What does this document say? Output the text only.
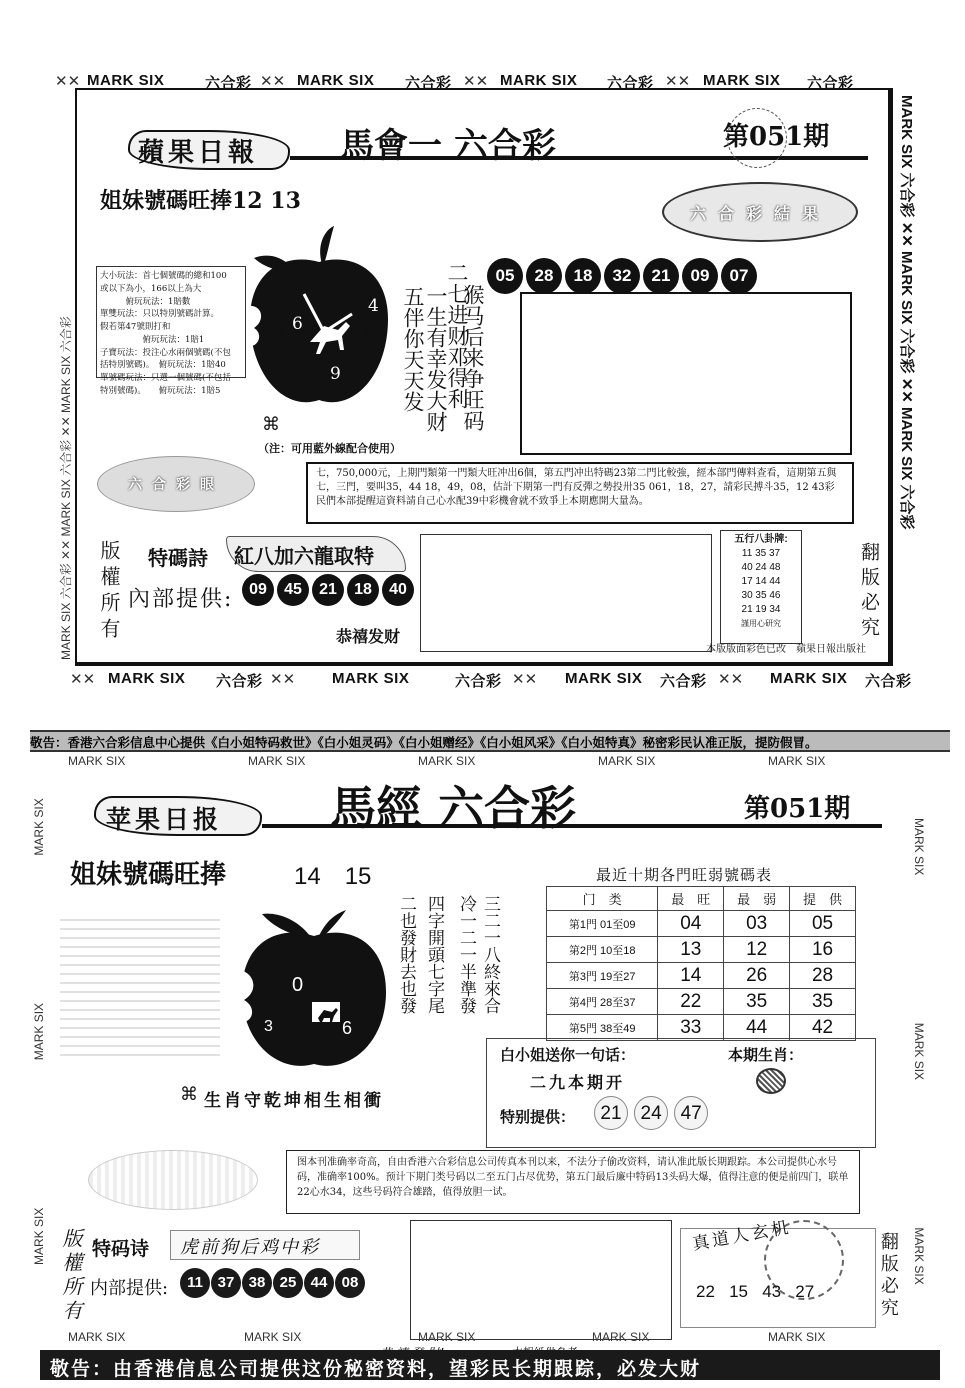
✕✕ MARK SIX	六合彩 ✕✕ MARK SIX 六合彩 ✕✕ MARK SIX 六合彩 ✕✕ MARK SIX 六合彩
✕✕ MARK SIX 六合彩 ✕✕ MARK SIX	六合彩 ✕✕ MARK SIX 六合彩 ✕✕ MARK SIX 六合彩
MARK SIX 六合彩 ✕✕ MARK SIX 六合彩 ✕✕ MARK SIX 六合彩
MARK SIX 六合彩 ✕✕ MARK SIX 六合彩 ✕✕ MARK SIX 六合彩
蘋果日報 馬會一 六合彩	第051期
六合彩結果
姐妹號碼旺捧12 13
4
6
9
大小玩法：首七個號碼的總和100
或以下為小，166以上為大
　　　俯玩玩法：1賠數
單雙玩法：只以特別號碼計算。
假若第47號則打和
　　　　　俯玩玩法：1賠1
子寶玩法：投注心水兩個號碼(不包
括特別號碼)。　俯玩玩法：1賠40
單號碼玩法：只選一個號碼(不包括
特別號碼)。　　俯玩玩法：1賠5	猴马后来争旺码
二七进财邓得利
一生有幸发大财
五伴你天天发
⌘
（注：可用藍外線配合使用）
05 28 18 32 21 09 07
六合彩眼
七，750,000元，上期門類第一門類大旺冲出6個，第五門冲出特碼23第二門比較強，經本部門傳料查看，這期第五與七，三門，要叫35，44 18，49，08，估計下期第一門有反彈之勢投卅35 061，18，27，請彩民搏斗35，12 43彩民們本部提醒這資料請自己心水配39中彩機會就不致爭上本期應開大量為。
版權所有 特碼詩 紅八加六龍取特
內部提供: 09 45 21 18 40
恭禧发财
五行八卦牌:
11 35 37
40 24 48
17 14 44
30 35 46
21 19 34
謹用心研究	翻版必究
本版版面彩色已改　蘋果日報出版社
敬告：香港六合彩信息中心提供《白小姐特码救世》《白小姐灵码》《白小姐赠经》《白小姐风采》《白小姐特真》秘密彩民认准正版，提防假冒。
MARK SIX	MARK SIX	MARK SIX	MARK SIX	MARK SIX
MARK SIX	MARK SIX	MARK SIX	MARK SIX	MARK SIX
MARK SIX　　　　　　　　　　　　 MARK SIX　　　　　　　　　　　　 MARK SIX
MARK SIX　　　　　　　　　　　　 MARK SIX　　　　　　　　　　　　 MARK SIX 苹果日报 馬經 六合彩	第051期
姐妹號碼旺捧	14　15
0
3	6
三二一八終來合
冷一二一半準發
四字開頭七字尾
二也發財去也發
最近十期各門旺弱號碼表
门　类	最　旺	最　弱	提　供
第1門 01至09	04	03	05
第2門 10至18	13	12	16
第3門 19至27	14	26	28
第4門 28至37	22	35	35
第5門 38至49	33	44	42
白小姐送你一句话：	本期生肖：
二九本期开
特别提供：	21 24 47
⌘ 生肖守乾坤相生相衝
图本刊准确率奇高，自由香港六合彩信息公司传真本刊以来，不法分子偷改资料，请认准此版长期跟踪。本公司提供心水号码，准确率100%。预计下期门类号码以二至五门占尽优势，第五门最后廉中特码13头码大爆，值得注意的便是前四门，联单22心水34，这些号码符合雄踏，值得放胆一试。
版權所有 特码诗 虎前狗后鸡中彩
内部提供:	11 37 38 25 44 08
真道人玄机
22 15 43 27	翻版必究
敬告：由香港信息公司提供这份秘密资料，望彩民长期跟踪，必发大财
